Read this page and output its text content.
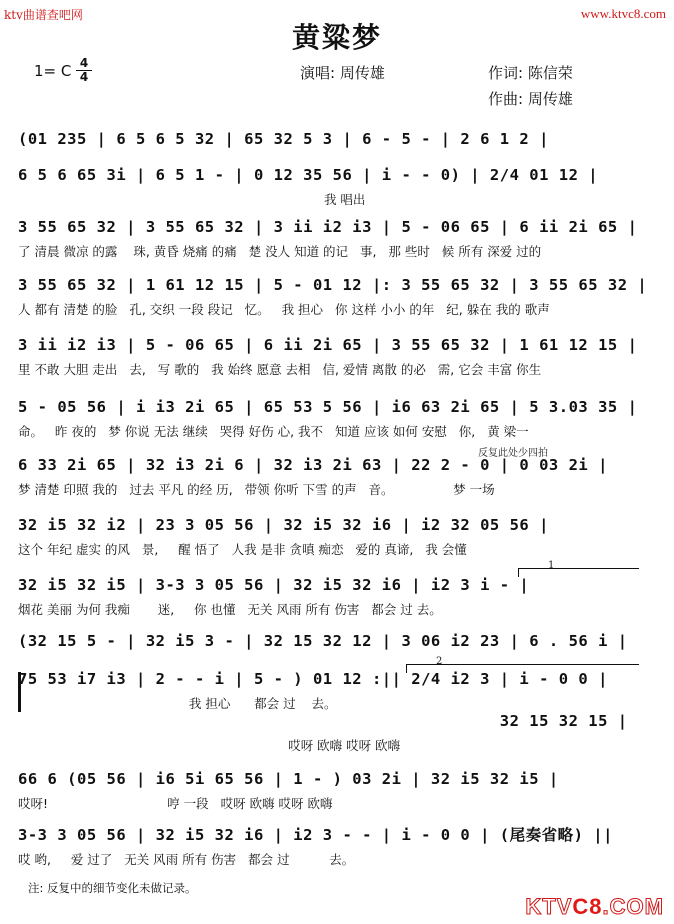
ktv曲谱查吧网	www.ktvc8.com
黄粱梦
1= C 4
4	演唱: 周传雄	作词: 陈信荣
作曲: 周传雄
(01 235 | 6 5 6 5 32 | 65 32 5 3 | 6 - 5 - | 2 6 1 2 |
6 5 6 65 3i | 6 5 1 - | 0 12 35 56 | i - - 0) | 2/4 01 12 |
我 唱出
3 55 65 32 | 3 55 65 32 | 3 ii i2 i3 | 5 - 06 65 | 6 ii 2i 65 |
了 清晨 微凉 的露    珠, 黄昏 烧痛 的痛   楚 没人 知道 的记   事,   那 些时   候 所有 深爱 过的
3 55 65 32 | 1 61 12 15 | 5 - 01 12 |: 3 55 65 32 | 3 55 65 32 |
人 都有 清楚 的脸   孔, 交织 一段 段记   忆。   我 担心   你 这样 小小 的年   纪, 躲在 我的 歌声
3 ii i2 i3 | 5 - 06 65 | 6 ii 2i 65 | 3 55 65 32 | 1 61 12 15 |
里 不敢 大胆 走出   去,   写 歌的   我 始终 愿意 去相   信, 爱情 离散 的必   需, 它会 丰富 你生
5 - 05 56 | i i3 2i 65 | 65 53 5 56 | i6 63 2i 65 | 5 3.03 35 |
命。   昨 夜的   梦 你说 无法 继续   哭得 好伤 心, 我不   知道 应该 如何 安慰   你,   黄 梁一
反复此处少四拍
6 33 2i 65 | 32 i3 2i 6 | 32 i3 2i 63 | 22 2 - 0 | 0 03 2i |
梦 清楚 印照 我的   过去 平凡 的经 历,   带领 你听 下雪 的声   音。               梦 一场
32 i5 32 i2 | 23 3 05 56 | 32 i5 32 i6 | i2 32 05 56 |
这个 年纪 虚实 的风   景,     醒 悟了   人我 是非 贪嗔 痴恋   爱的 真谛,   我 会懂
1
32 i5 32 i5 | 3-3 3 05 56 | 32 i5 32 i6 | i2 3 i - |
烟花 美丽 为何 我痴       迷,     你 也懂   无关 风雨 所有 伤害   都会 过 去。
(32 15 5 - | 32 i5 3 - | 32 15 32 12 | 3 06 i2 23 | 6 . 56 i |
2
75 53 i7 i3 | 2 - - i | 5 - ) 01 12 :|| 2/4 i2 3 | i - 0 0 |
我 担心      都会 过    去。
32 15 32 15 |
哎呀 欧嗨 哎呀 欧嗨
66 6 (05 56 | i6 5i 65 56 | 1 - ) 03 2i | 32 i5 32 i5 |
哎呀!                              哼 一段   哎呀 欧嗨 哎呀 欧嗨
3-3 3 05 56 | 32 i5 32 i6 | i2 3 - - | i - 0 0 | (尾奏省略) ||
哎 哟,     爱 过了   无关 风雨 所有 伤害   都会 过          去。
注: 反复中的细节变化未做记录。
KTVC8.COM
